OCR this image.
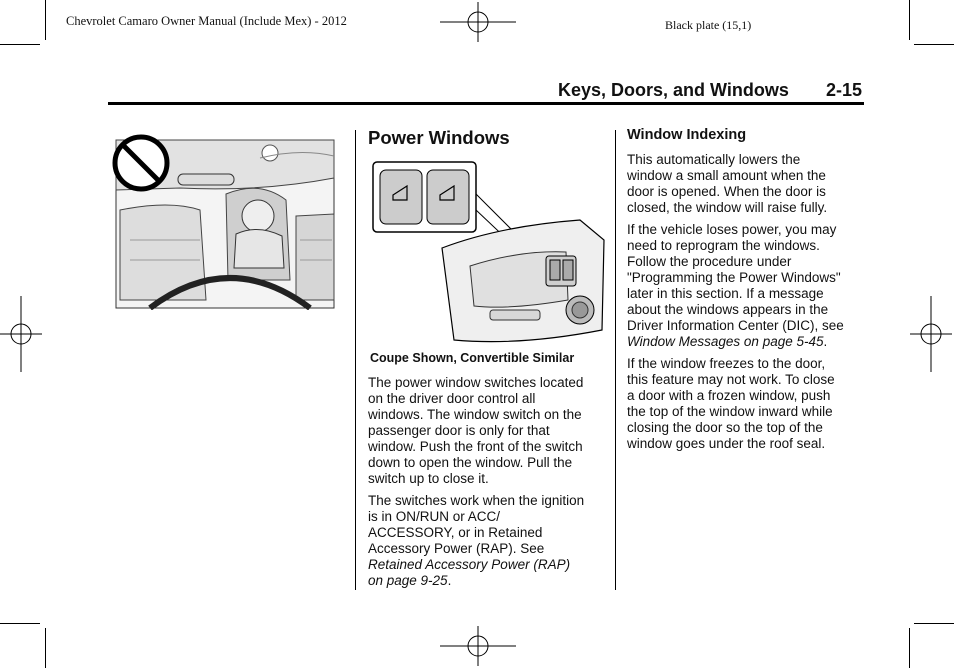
Chevrolet Camaro Owner Manual (Include Mex) - 2012	Black plate (15,1)
Keys, Doors, and Windows 2-15
Power Windows
Coupe Shown, Convertible Similar

The power window switches located
on the driver door control all
windows. The window switch on the
passenger door is only for that
window. Push the front of the switch
down to open the window. Pull the
switch up to close it.

The switches work when the ignition
is in ON/RUN or ACC/
ACCESSORY, or in Retained
Accessory Power (RAP). See
Retained Accessory Power (RAP)
on page 9-25.

Window Indexing

This automatically lowers the
window a small amount when the
door is opened. When the door is
closed, the window will raise fully.

If the vehicle loses power, you may
need to reprogram the windows.
Follow the procedure under
"Programming the Power Windows"
later in this section. If a message
about the windows appears in the
Driver Information Center (DIC), see
Window Messages on page 5-45.

If the window freezes to the door,
this feature may not work. To close
a door with a frozen window, push
the top of the window inward while
closing the door so the top of the
window goes under the roof seal.
